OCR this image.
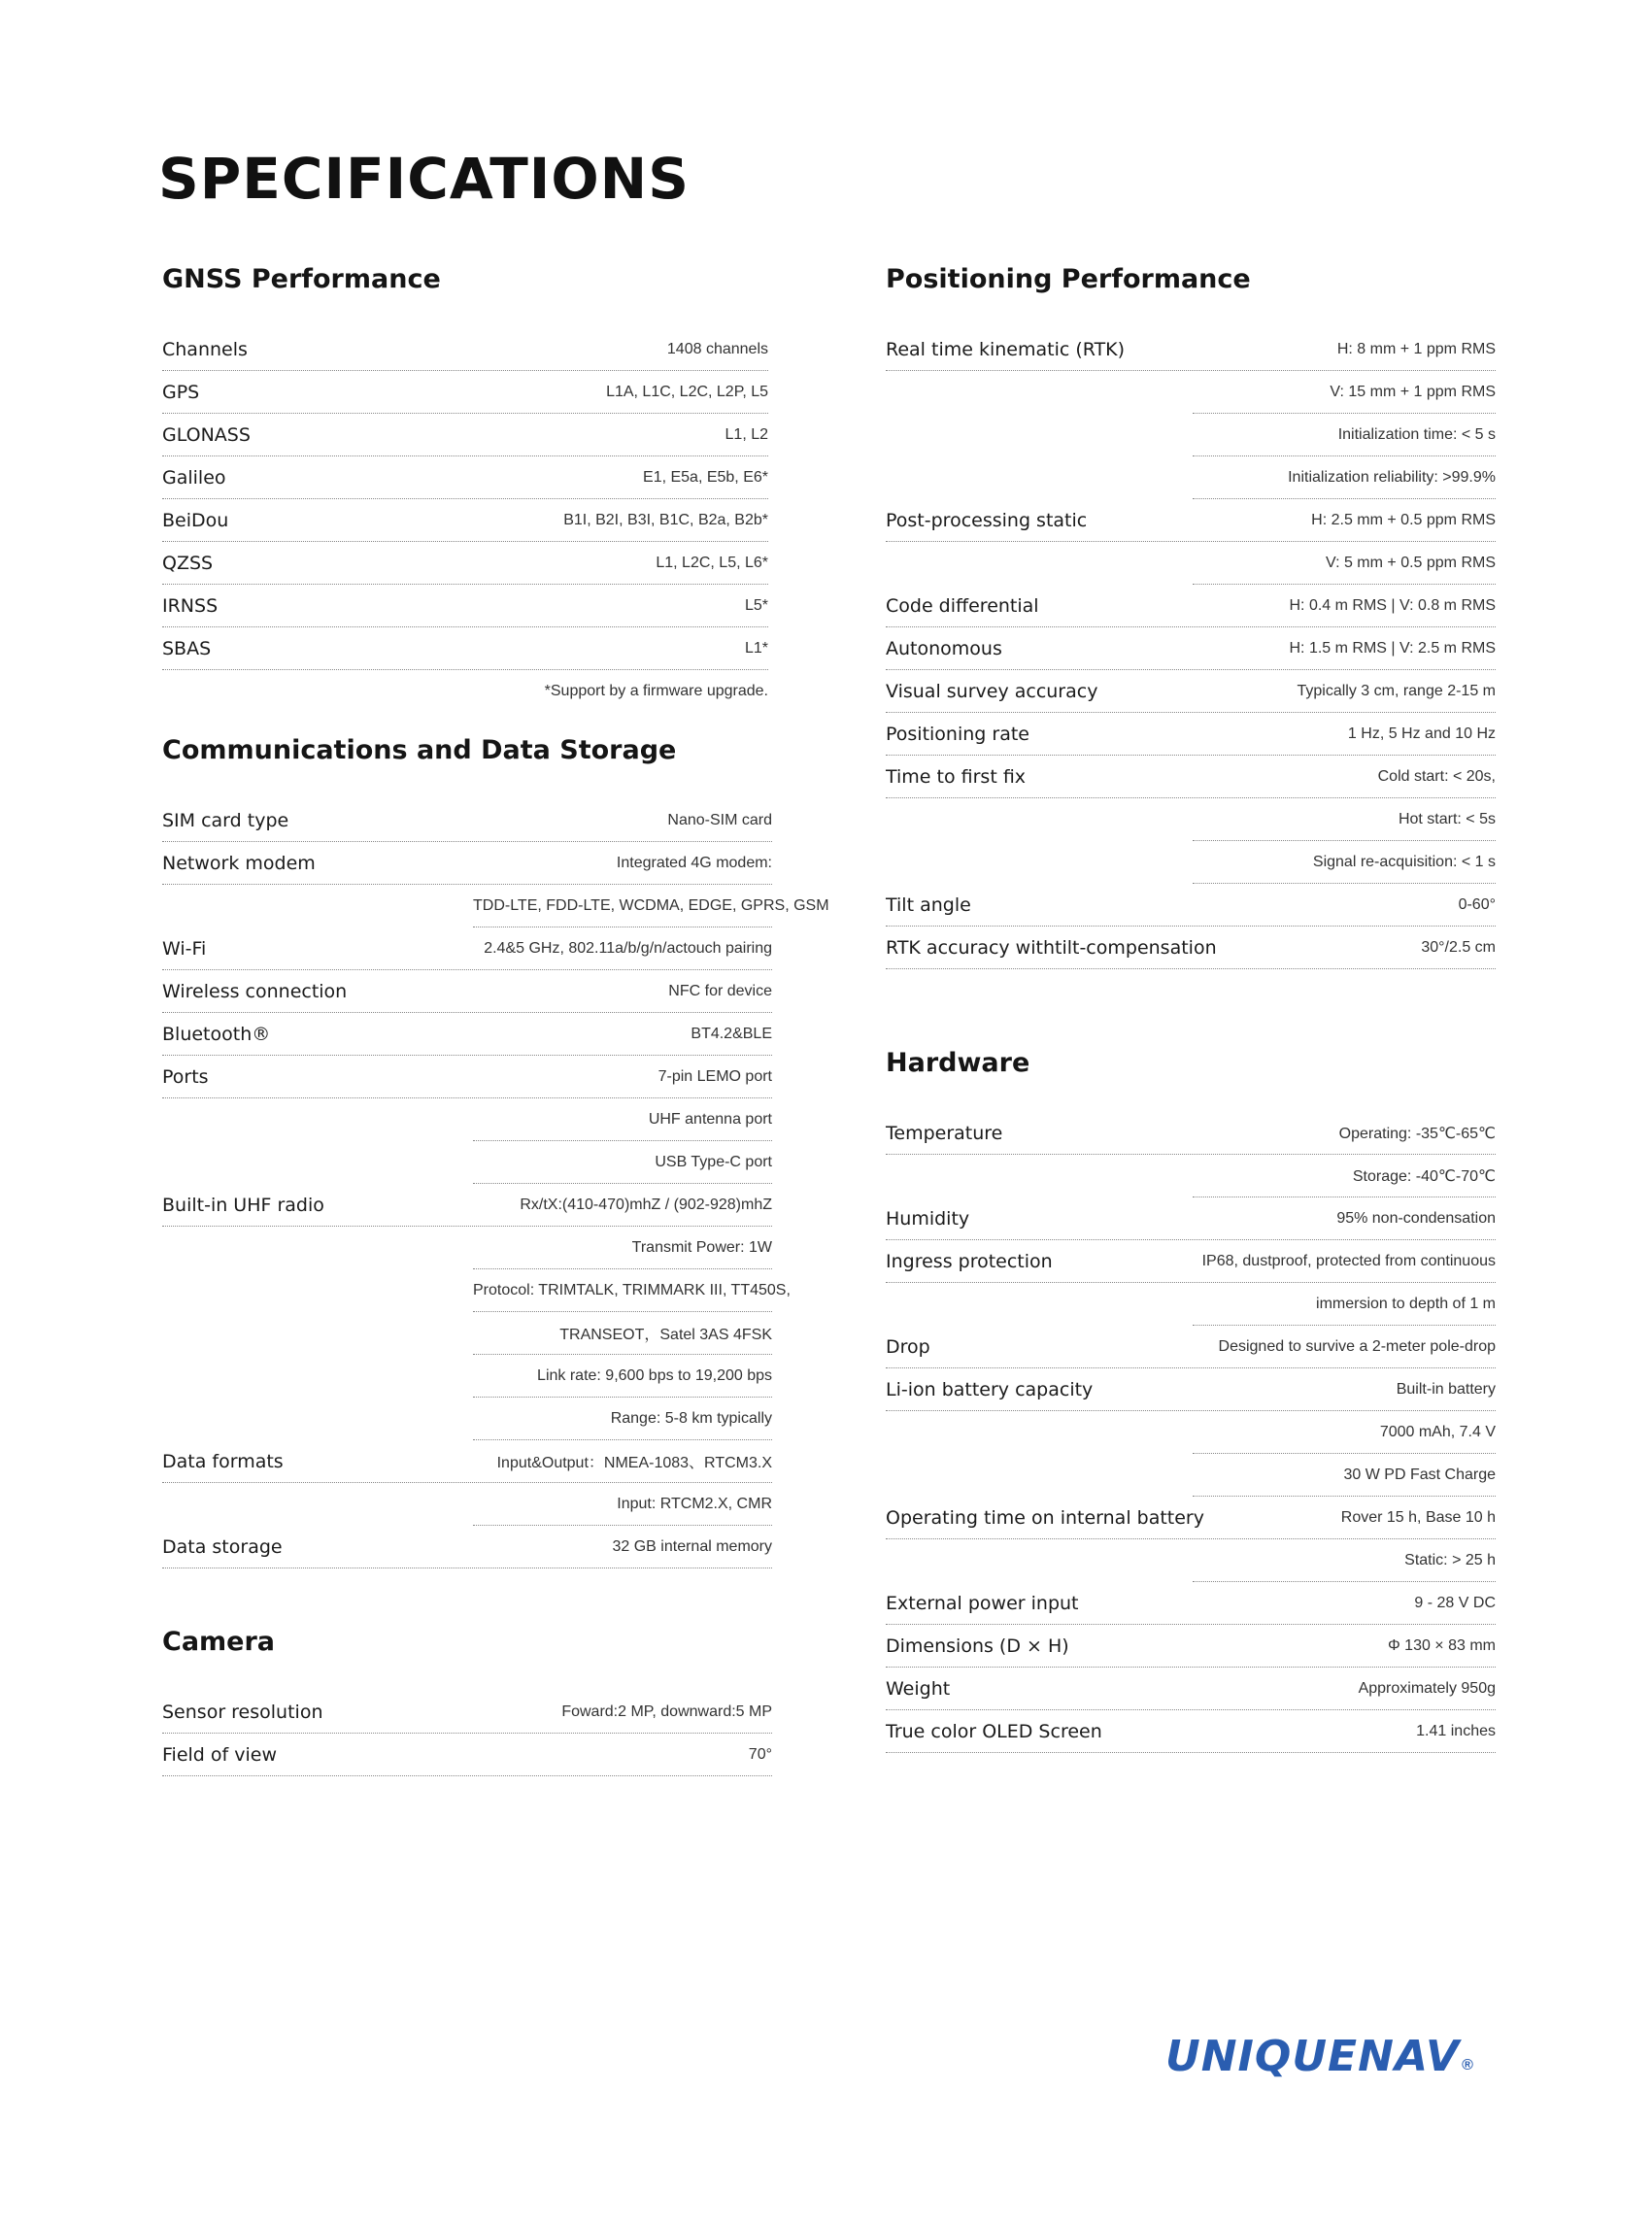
SPECIFICATIONS
GNSS Performance
Channels	1408 channels
GPS	L1A, L1C, L2C, L2P, L5
GLONASS	L1, L2
Galileo	E1, E5a, E5b, E6*
BeiDou	B1I, B2I, B3I, B1C, B2a, B2b*
QZSS	L1, L2C, L5, L6*
IRNSS	L5*
SBAS	L1*
*Support by a firmware upgrade.
Communications and Data Storage
SIM card type	Nano-SIM card
Network modem	Integrated 4G modem:
TDD-LTE, FDD-LTE, WCDMA, EDGE, GPRS, GSM
Wi-Fi	2.4&5 GHz, 802.11a/b/g/n/actouch pairing
Wireless connection	NFC for device
Bluetooth®	BT4.2&BLE
Ports	7-pin LEMO port
UHF antenna port
USB Type-C port
Built-in UHF radio	Rx/tX:(410-470)mhZ / (902-928)mhZ
Transmit Power: 1W
Protocol: TRIMTALK, TRIMMARK III, TT450S,
TRANSEOT，Satel 3AS 4FSK
Link rate: 9,600 bps to 19,200 bps
Range: 5-8 km typically
Data formats	Input&Output：NMEA-1083、RTCM3.X
Input: RTCM2.X, CMR
Data storage	32 GB internal memory
Camera
Sensor resolution	Foward:2 MP, downward:5 MP
Field of view	70°
Positioning Performance
Real time kinematic (RTK)	H: 8 mm + 1 ppm RMS
V: 15 mm + 1 ppm RMS
Initialization time: < 5 s
Initialization reliability: >99.9%
Post-processing static	H: 2.5 mm + 0.5 ppm RMS
V: 5 mm + 0.5 ppm RMS
Code differential	H: 0.4 m RMS | V: 0.8 m RMS
Autonomous	H: 1.5 m RMS | V: 2.5 m RMS
Visual survey accuracy	Typically 3 cm, range 2-15 m
Positioning rate	1 Hz, 5 Hz and 10 Hz
Time to first fix	Cold start: < 20s,
Hot start: < 5s
Signal re-acquisition: < 1 s
Tilt angle	0-60°
RTK accuracy withtilt-compensation	30°/2.5 cm
Hardware
Temperature	Operating: -35℃-65℃
Storage: -40℃-70℃
Humidity	95% non-condensation
Ingress protection	IP68, dustproof, protected from continuous
immersion to depth of 1 m
Drop	Designed to survive a 2-meter pole-drop
Li-ion battery capacity	Built-in battery
7000 mAh, 7.4 V
30 W PD Fast Charge
Operating time on internal battery	Rover 15 h, Base 10 h
Static: > 25 h
External power input	9 - 28 V DC
Dimensions (D × H)	Φ 130 × 83 mm
Weight	Approximately 950g
True color OLED Screen	1.41 inches
UNIQUENAV ®
